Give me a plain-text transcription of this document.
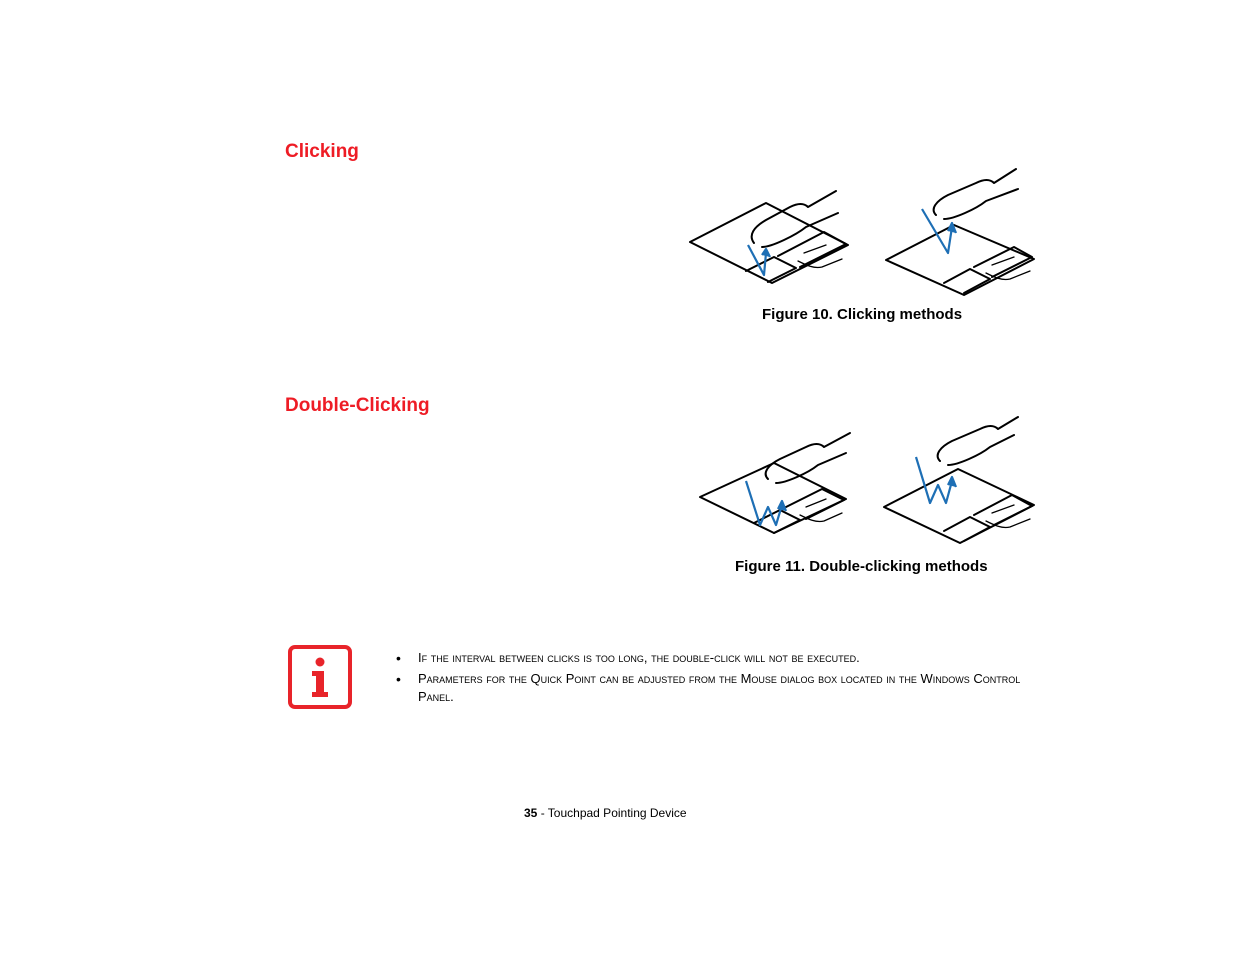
Clicking
Figure 10. Clicking methods
Double-Clicking
Figure 11. Double-clicking methods
• If the interval between clicks is too long, the double-click will not be executed.
• Parameters for the Quick Point can be adjusted from the Mouse dialog box located in the Windows Control Panel.
35 - Touchpad Pointing Device
